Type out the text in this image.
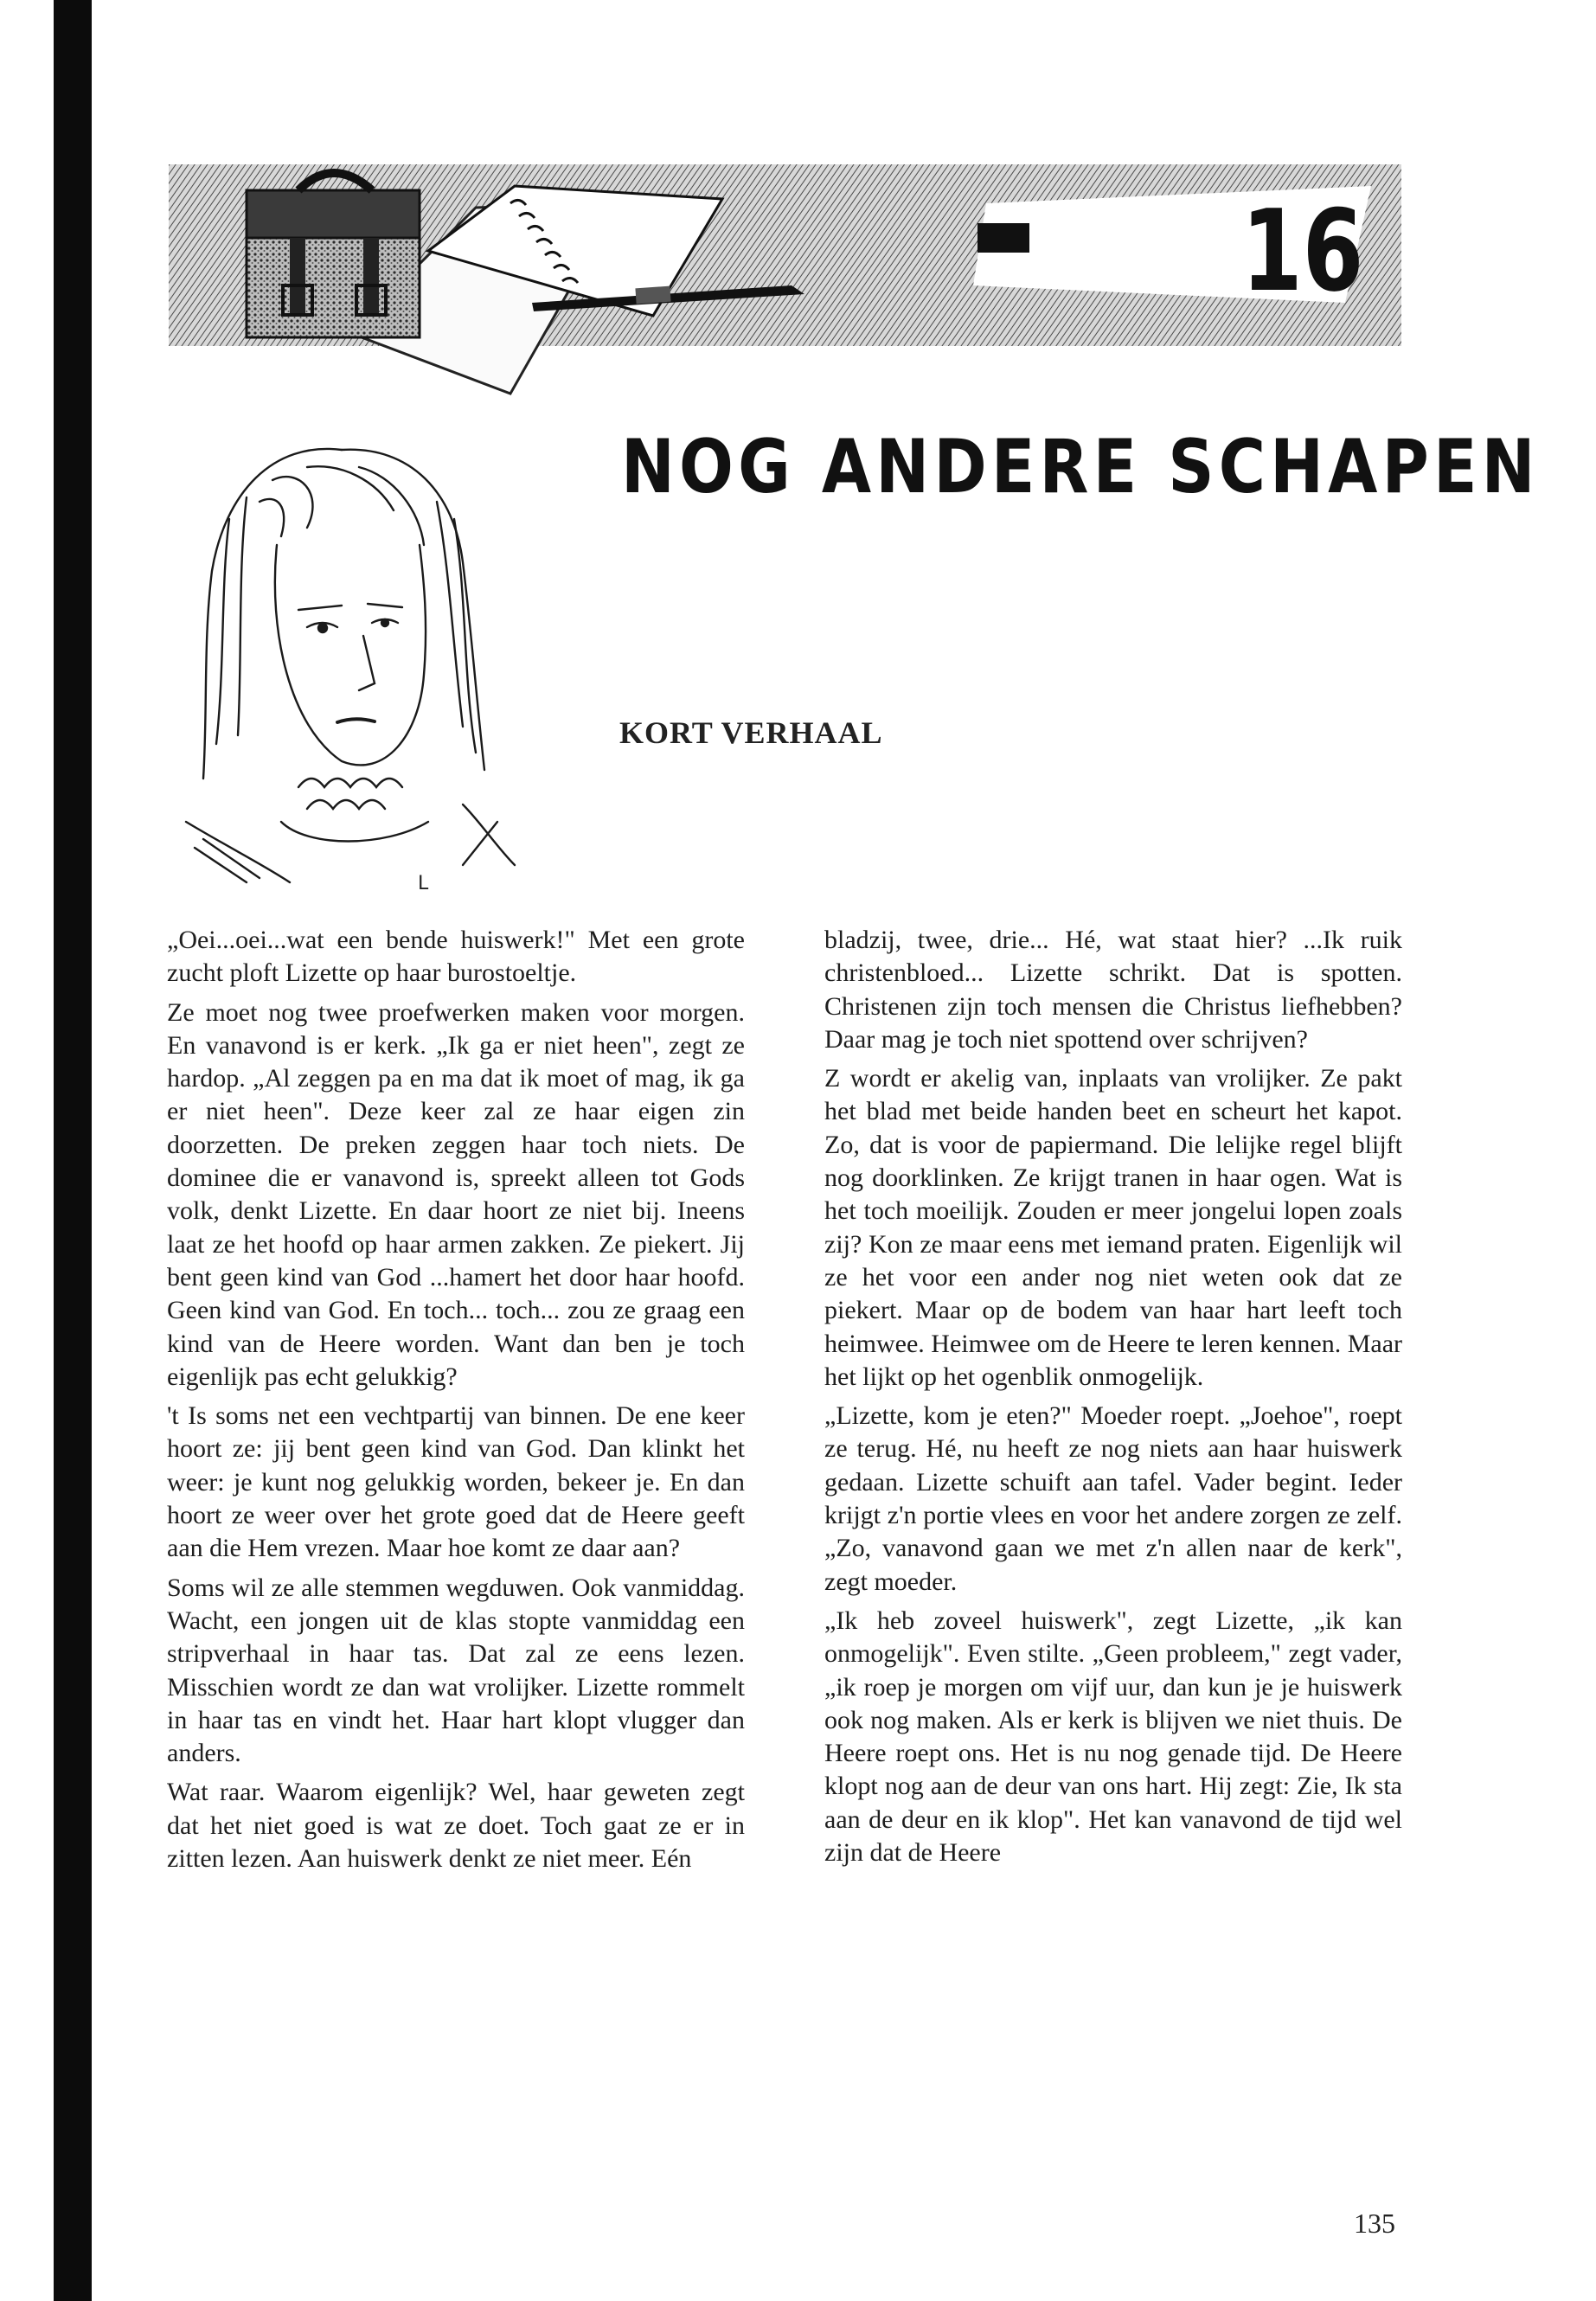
16
L
NOG ANDERE SCHAPEN
KORT VERHAAL

„Oei...oei...wat een bende huiswerk!" Met een grote zucht ploft Lizette op haar burostoeltje.

Ze moet nog twee proefwerken maken voor morgen. En vanavond is er kerk. „Ik ga er niet heen", zegt ze hardop. „Al zeggen pa en ma dat ik moet of mag, ik ga er niet heen". Deze keer zal ze haar eigen zin doorzetten. De preken zeggen haar toch niets. De dominee die er vanavond is, spreekt alleen tot Gods volk, denkt Lizette. En daar hoort ze niet bij. Ineens laat ze het hoofd op haar armen zakken. Ze piekert. Jij bent geen kind van God ...hamert het door haar hoofd. Geen kind van God. En toch... toch... zou ze graag een kind van de Heere worden. Want dan ben je toch eigenlijk pas echt gelukkig?

't Is soms net een vechtpartij van binnen. De ene keer hoort ze: jij bent geen kind van God. Dan klinkt het weer: je kunt nog gelukkig worden, bekeer je. En dan hoort ze weer over het grote goed dat de Heere geeft aan die Hem vrezen. Maar hoe komt ze daar aan?

Soms wil ze alle stemmen wegduwen. Ook vanmiddag. Wacht, een jongen uit de klas stopte vanmiddag een stripverhaal in haar tas. Dat zal ze eens lezen. Misschien wordt ze dan wat vrolijker. Lizette rommelt in haar tas en vindt het. Haar hart klopt vlugger dan anders.

Wat raar. Waarom eigenlijk? Wel, haar geweten zegt dat het niet goed is wat ze doet. Toch gaat ze er in zitten lezen. Aan huiswerk denkt ze niet meer. Eén

bladzij, twee, drie... Hé, wat staat hier? ...Ik ruik christenbloed... Lizette schrikt. Dat is spotten. Christenen zijn toch mensen die Christus liefhebben? Daar mag je toch niet spottend over schrijven?

Z wordt er akelig van, inplaats van vrolijker. Ze pakt het blad met beide handen beet en scheurt het kapot. Zo, dat is voor de papiermand. Die lelijke regel blijft nog doorklinken. Ze krijgt tranen in haar ogen. Wat is het toch moeilijk. Zouden er meer jongelui lopen zoals zij? Kon ze maar eens met iemand praten. Eigenlijk wil ze het voor een ander nog niet weten ook dat ze piekert. Maar op de bodem van haar hart leeft toch heimwee. Heimwee om de Heere te leren kennen. Maar het lijkt op het ogenblik onmogelijk.

„Lizette, kom je eten?" Moeder roept. „Joehoe", roept ze terug. Hé, nu heeft ze nog niets aan haar huiswerk gedaan. Lizette schuift aan tafel. Vader begint. Ieder krijgt z'n portie vlees en voor het andere zorgen ze zelf. „Zo, vanavond gaan we met z'n allen naar de kerk", zegt moeder.

„Ik heb zoveel huiswerk", zegt Lizette, „ik kan onmogelijk". Even stilte. „Geen probleem," zegt vader, „ik roep je morgen om vijf uur, dan kun je je huiswerk ook nog maken. Als er kerk is blijven we niet thuis. De Heere roept ons. Het is nu nog genade tijd. De Heere klopt nog aan de deur van ons hart. Hij zegt: Zie, Ik sta aan de deur en ik klop". Het kan vanavond de tijd wel zijn dat de Heere

135
